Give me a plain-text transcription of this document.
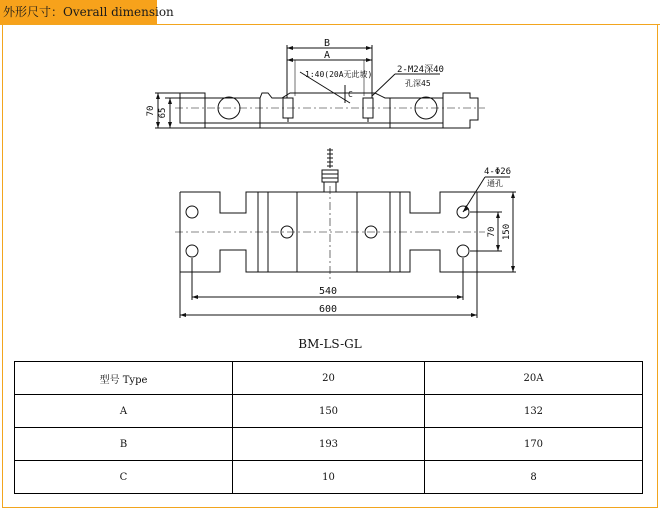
外形尺寸：Overall dimension
B
A
1:40(20A无此坡)
C
2-M24深40
孔深45
70 65
4-Φ26
通孔
70 150
540
600
BM-LS-GL
型号 Type	20	20A
A	150	132
B	193	170
C	10	8
